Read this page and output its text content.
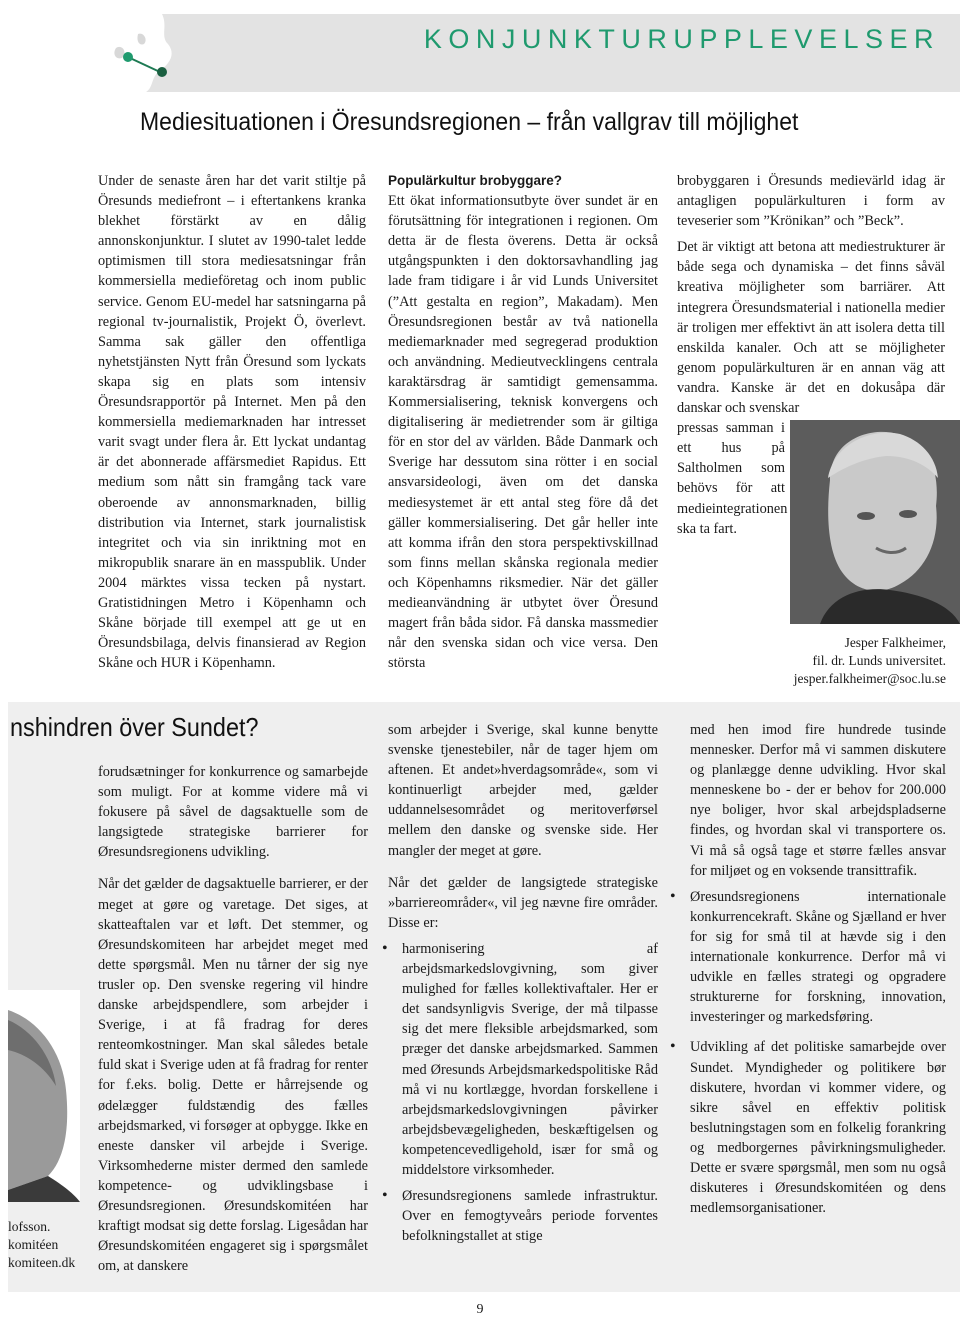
KONJUNKTURUPPLEVELSER
Mediesituationen i Öresundsregionen – från vallgrav till möjlighet

Under de senaste åren har det varit stiltje på Öresunds mediefront – i eftertankens kranka blekhet förstärkt av en dålig annonskonjunktur. I slutet av 1990-talet ledde optimismen till stora mediesatsningar från kommersiella medieföretag och inom public service. Genom EU-medel har satsningarna på regional tv-journalistik, Projekt Ö, överlevt. Samma sak gäller den offentliga nyhetstjänsten Nytt från Öresund som lyckats skapa sig en plats som intensiv Öresundsrapportör på Internet. Men på den kommersiella mediemarknaden har intresset varit svagt under flera år. Ett lyckat undantag är det abonnerade affärsmediet Rapidus. Ett medium som nått sin framgång tack vare oberoende av annonsmarknaden, billig distribution via Internet, stark journalistisk integritet och via sin inriktning mot en mikropublik snarare än en masspublik. Under 2004 märktes vissa tecken på nystart. Gratistidningen Metro i Köpenhamn och Skåne började till exempel att ge ut en Öresundsbilaga, delvis finansierad av Region Skåne och HUR i Köpenhamn.

Populärkultur brobyggare?

Ett ökat informationsutbyte över sundet är en förutsättning för integrationen i regionen. Om detta är de flesta överens. Detta är också utgångspunkten i den doktorsavhandling jag lade fram tidigare i år vid Lunds Universitet (”Att gestalta en region”, Makadam). Men Öresundsregionen består av två nationella mediemarknader med segregerad produktion och användning. Medieutvecklingens centrala karaktärsdrag är samtidigt gemensamma. Kommersialisering, teknisk konvergens och digitalisering är medietrender som är giltiga för en stor del av världen. Både Danmark och Sverige har dessutom sina rötter i en social ansvarsideologi, även om det danska mediesystemet är ett antal steg före då det gäller kommersialisering. Det går heller inte att komma ifrån den stora perspektivskillnad som finns mellan skånska regionala medier och Köpenhamns riksmedier. När det gäller medieanvändning är utbytet över Öresund magert från båda sidor. Få danska massmedier når den svenska sidan och vice versa. Den största

brobyggaren i Öresunds medievärld idag är antagligen populärkulturen i form av teveserier som ”Krönikan” och ”Beck”.

Det är viktigt att betona att mediestrukturer är både sega och dynamiska – det finns såväl kreativa möjligheter som barriärer. Att integrera Öresundsmaterial i nationella medier är troligen mer effektivt än att isolera detta till enskilda kanaler. Och att se möjligheter genom populärkulturen är en annan väg att vandra. Kanske är det en dokusåpa där danskar och svenskar

pressas samman i ett hus på Saltholmen som behövs för att medieintegrationen ska ta fart.

Jesper Falkheimer,
fil. dr. Lunds universitet.
jesper.falkheimer@soc.lu.se
nshindren över Sundet?
lofsson.
komitéen
komiteen.dk

forudsætninger for konkurrence og samarbejde som muligt. For at komme videre må vi fokusere på såvel de dagsaktuelle som de langsigtede strategiske barrierer for Øresundsregionens udvikling.

Når det gælder de dagsaktuelle barrierer, er der meget at gøre og varetage. Det siges, at skatteaftalen var et løft. Det stemmer, og Øresundskomiteen har arbejdet meget med dette spørgsmål. Men nu tårner der sig nye trusler op. Den svenske regering vil hindre danske arbejdspendlere, som arbejder i Sverige, i at få fradrag for deres renteomkostninger. Man skal således betale fuld skat i Sverige uden at få fradrag for renter for f.eks. bolig. Dette er hårrejsende og ødelægger fuldstændig des fælles arbejdsmarked, vi forsøger at opbygge. Ikke en eneste dansker vil arbejde i Sverige. Virksomhederne mister dermed den samlede kompetence- og udviklingsbase i Øresundsregionen. Øresundskomitéen har kraftigt modsat sig dette forslag. Ligesådan har Øresundskomitéen engageret sig i spørgsmålet om, at danskere

som arbejder i Sverige, skal kunne benytte svenske tjenestebiler, når de tager hjem om aftenen. Et andet»hverdagsområde«, som vi kontinuerligt arbejder med, gælder uddannelsesområdet og meritoverførsel mellem den danske og svenske side. Her mangler der meget at gøre.

Når det gælder de langsigtede strategiske »barriereområder«, vil jeg nævne fire områder. Disse er:

• harmonisering af arbejdsmarkedslovgivning, som giver mulighed for fælles kollektivaftaler. Her er det sandsynligvis Sverige, der må tilpasse sig det mere fleksible arbejdsmarked, som præger det danske arbejdsmarked. Sammen med Øresunds Arbejdsmarkedspolitiske Råd må vi nu kortlægge, hvordan forskellene i arbejdsmarkedslovgivningen påvirker arbejdsbevægeligheden, beskæftigelsen og kompetencevedligehold, især for små og middelstore virksomheder.
• Øresundsregionens samlede infrastruktur. Over en femogtyveårs periode forventes befolkningstallet at stige

med hen imod fire hundrede tusinde mennesker. Derfor må vi sammen diskutere og planlægge denne udvikling. Hvor skal menneskene bo - der er behov for 200.000 nye boliger, hvor skal arbejdspladserne findes, og hvordan skal vi transportere os. Vi må så også tage et større fælles ansvar for miljøet og en voksende transittrafik.

• Øresundsregionens internationale konkurrencekraft. Skåne og Sjælland er hver for sig for små til at hævde sig i den internationale konkurrence. Derfor må vi udvikle en fælles strategi og opgradere strukturerne for forskning, innovation, investeringer og markedsføring.
• Udvikling af det politiske samarbejde over Sundet. Myndigheder og politikere bør diskutere, hvordan vi kommer videre, og sikre såvel en effektiv politisk beslutningstagen som en folkelig forankring og medborgernes påvirkningsmuligheder. Dette er svære spørgsmål, men som nu også diskuteres i Øresundskomitéen og dens medlemsorganisationer.
9
